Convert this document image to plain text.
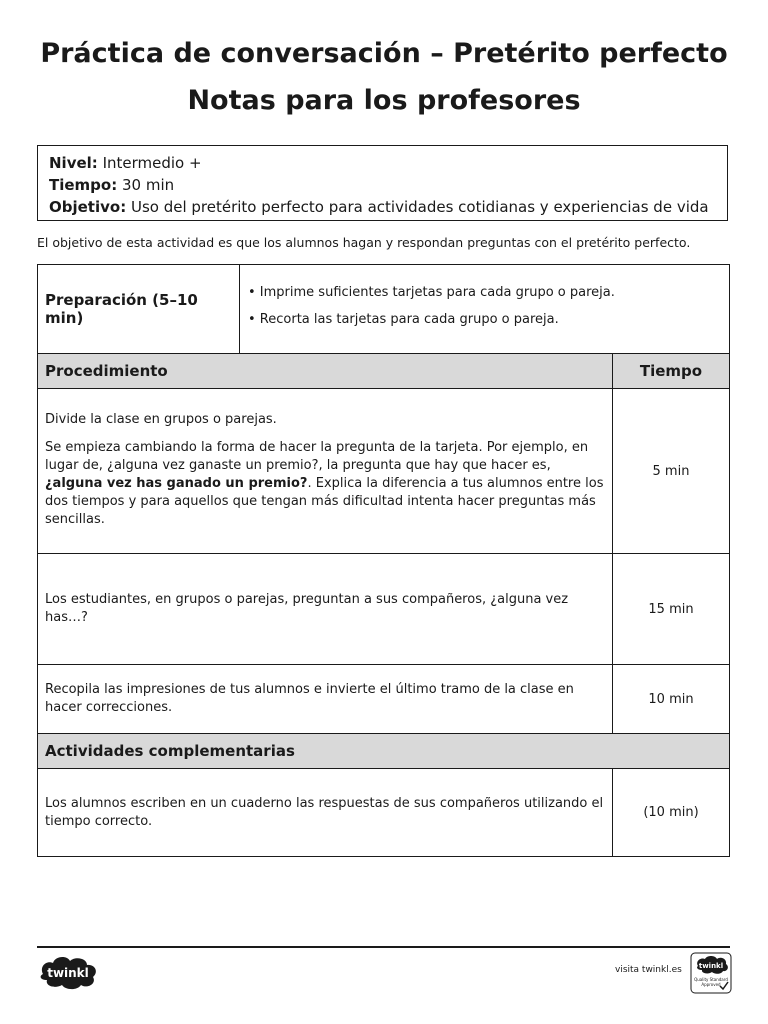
Práctica de conversación – Pretérito perfecto
Notas para los profesores
Nivel: Intermedio +
Tiempo: 30 min
Objetivo: Uso del pretérito perfecto para actividades cotidianas y experiencias de vida
El objetivo de esta actividad es que los alumnos hagan y respondan preguntas con el pretérito perfecto.
Preparación (5–10 min)
• Imprime suficientes tarjetas para cada grupo o pareja.
• Recorta las tarjetas para cada grupo o pareja.
Procedimiento	Tiempo

Divide la clase en grupos o parejas.

Se empieza cambiando la forma de hacer la pregunta de la tarjeta. Por ejemplo, en lugar de, ¿alguna vez ganaste un premio?, la pregunta que hay que hacer es, ¿alguna vez has ganado un premio?. Explica la diferencia a tus alumnos entre los dos tiempos y para aquellos que tengan más dificultad intenta hacer preguntas más sencillas.

5 min
Los estudiantes, en grupos o parejas, preguntan a sus compañeros, ¿alguna vez has…?
15 min
Recopila las impresiones de tus alumnos e invierte el último tramo de la clase en hacer correcciones.
10 min
Actividades complementarias
Los alumnos escriben en un cuaderno las respuestas de sus compañeros utilizando el tiempo correcto.
(10 min)
twinkl	visita twinkl.es twinkl
Quality Standard
Approved
